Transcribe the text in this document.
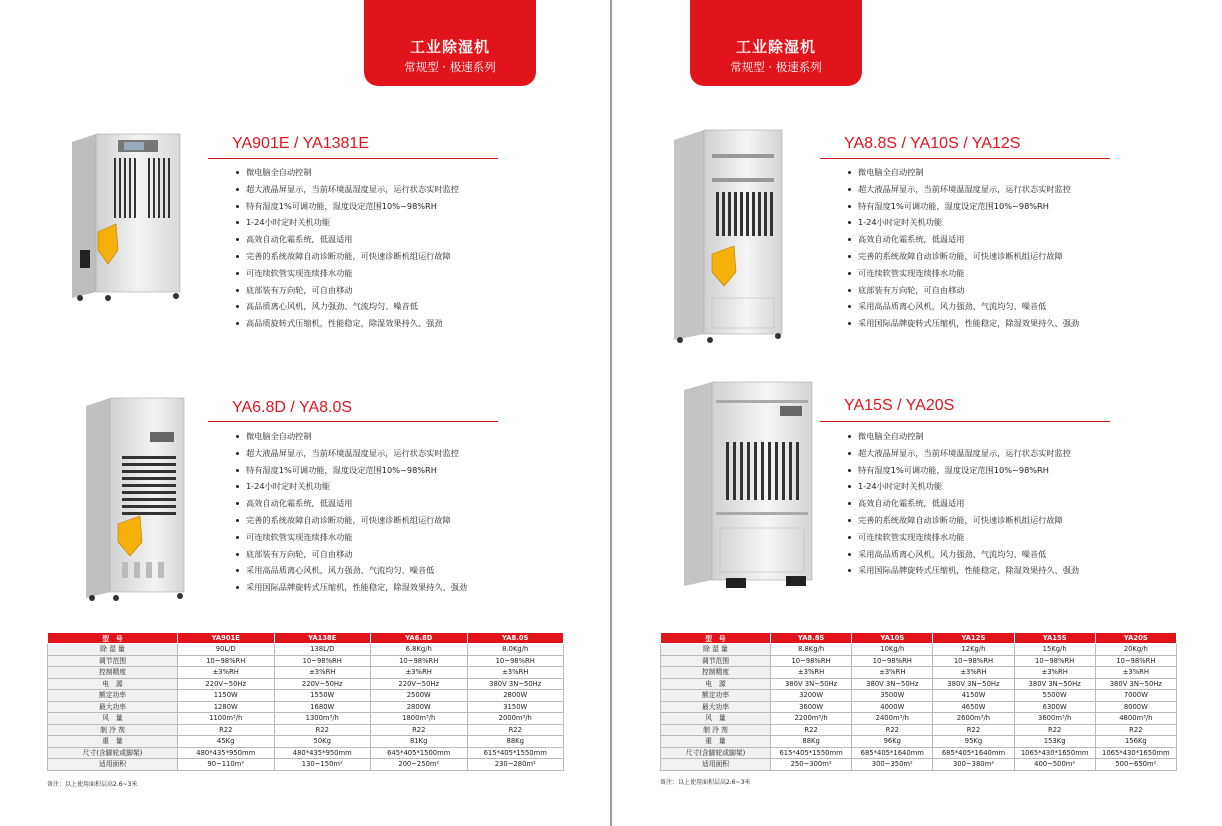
工业除湿机
常规型 · 极速系列
YA901E / YA1381E
微电脑全自动控制
超大液晶屏显示，当前环境温湿度显示，运行状态实时监控
特有湿度1%可调功能，湿度设定范围10%~98%RH
1-24小时定时关机功能
高效自动化霜系统，低温适用
完善的系统故障自动诊断功能，可快速诊断机组运行故障
可连续软管实现连续排水功能
底部装有万向轮，可自由移动
高品质离心风机，风力强劲、气流均匀、噪音低
高品质旋转式压缩机，性能稳定，除湿效果持久、强劲
YA6.8D / YA8.0S
微电脑全自动控制
超大液晶屏显示，当前环境温湿度显示，运行状态实时监控
特有湿度1%可调功能，湿度设定范围10%~98%RH
1-24小时定时关机功能
高效自动化霜系统，低温适用
完善的系统故障自动诊断功能，可快速诊断机组运行故障
可连续软管实现连续排水功能
底部装有万向轮，可自由移动
采用高品质离心风机，风力强劲、气流均匀、噪音低
采用国际品牌旋转式压缩机，性能稳定，除湿效果持久、强劲
型　号	YA901E	YA138E	YA6.8D	YA8.0S
除 湿 量	90L/D	138L/D	6.8Kg/h	8.0Kg/h
调节范围	10~98%RH	10~98%RH	10~98%RH	10~98%RH
控制精度	±3%RH	±3%RH	±3%RH	±3%RH
电　源	220V~50Hz	220V~50Hz	220V~50Hz	380V 3N~50Hz
额定功率	1150W	1550W	2500W	2800W
最大功率	1280W	1680W	2800W	3150W
风　量	1100m³/h	1300m³/h	1800m³/h	2000m³/h
制 冷 剂	R22	R22	R22	R22
重　量	45Kg	50Kg	81Kg	88Kg
尺寸(含脚轮或脚架)	480*435*950mm	480*435*950mm	645*405*1500mm	615*405*1550mm
适用面积	90~110m²	130~150m²	200~250m²	230~280m²
备注：以上使用面积层高2.6~3米
工业除湿机
常规型 · 极速系列
YA8.8S / YA10S / YA12S
微电脑全自动控制
超大液晶屏显示，当前环境温湿度显示，运行状态实时监控
特有湿度1%可调功能，湿度设定范围10%~98%RH
1-24小时定时关机功能
高效自动化霜系统，低温适用
完善的系统故障自动诊断功能，可快速诊断机组运行故障
可连续软管实现连续排水功能
底部装有万向轮，可自由移动
采用高品质离心风机，风力强劲、气流均匀、噪音低
采用国际品牌旋转式压缩机，性能稳定，除湿效果持久、强劲
YA15S / YA20S
微电脑全自动控制
超大液晶屏显示，当前环境温湿度显示，运行状态实时监控
特有湿度1%可调功能，湿度设定范围10%~98%RH
1-24小时定时关机功能
高效自动化霜系统，低温适用
完善的系统故障自动诊断功能，可快速诊断机组运行故障
可连续软管实现连续排水功能
采用高品质离心风机，风力强劲、气流均匀、噪音低
采用国际品牌旋转式压缩机，性能稳定，除湿效果持久、强劲
型　号	YA8.8S	YA10S	YA12S	YA15S	YA20S
除 湿 量	8.8Kg/h	10Kg/h	12Kg/h	15Kg/h	20Kg/h
调节范围	10~98%RH	10~98%RH	10~98%RH	10~98%RH	10~98%RH
控制精度	±3%RH	±3%RH	±3%RH	±3%RH	±3%RH
电　源	380V 3N~50Hz	380V 3N~50Hz	380V 3N~50Hz	380V 3N~50Hz	380V 3N~50Hz
额定功率	3200W	3500W	4150W	5500W	7000W
最大功率	3600W	4000W	4650W	6300W	8000W
风　量	2200m³/h	2400m³/h	2600m³/h	3600m³/h	4800m³/h
制 冷 剂	R22	R22	R22	R22	R22
重　量	88Kg	96Kg	95Kg	153Kg	156Kg
尺寸(含脚轮或脚架)	615*405*1550mm	685*405*1640mm	685*405*1640mm	1065*430*1650mm	1065*430*1650mm
适用面积	250~300m²	300~350m²	300~380m²	400~500m²	500~650m²
备注：以上使用面积层高2.6~3米
